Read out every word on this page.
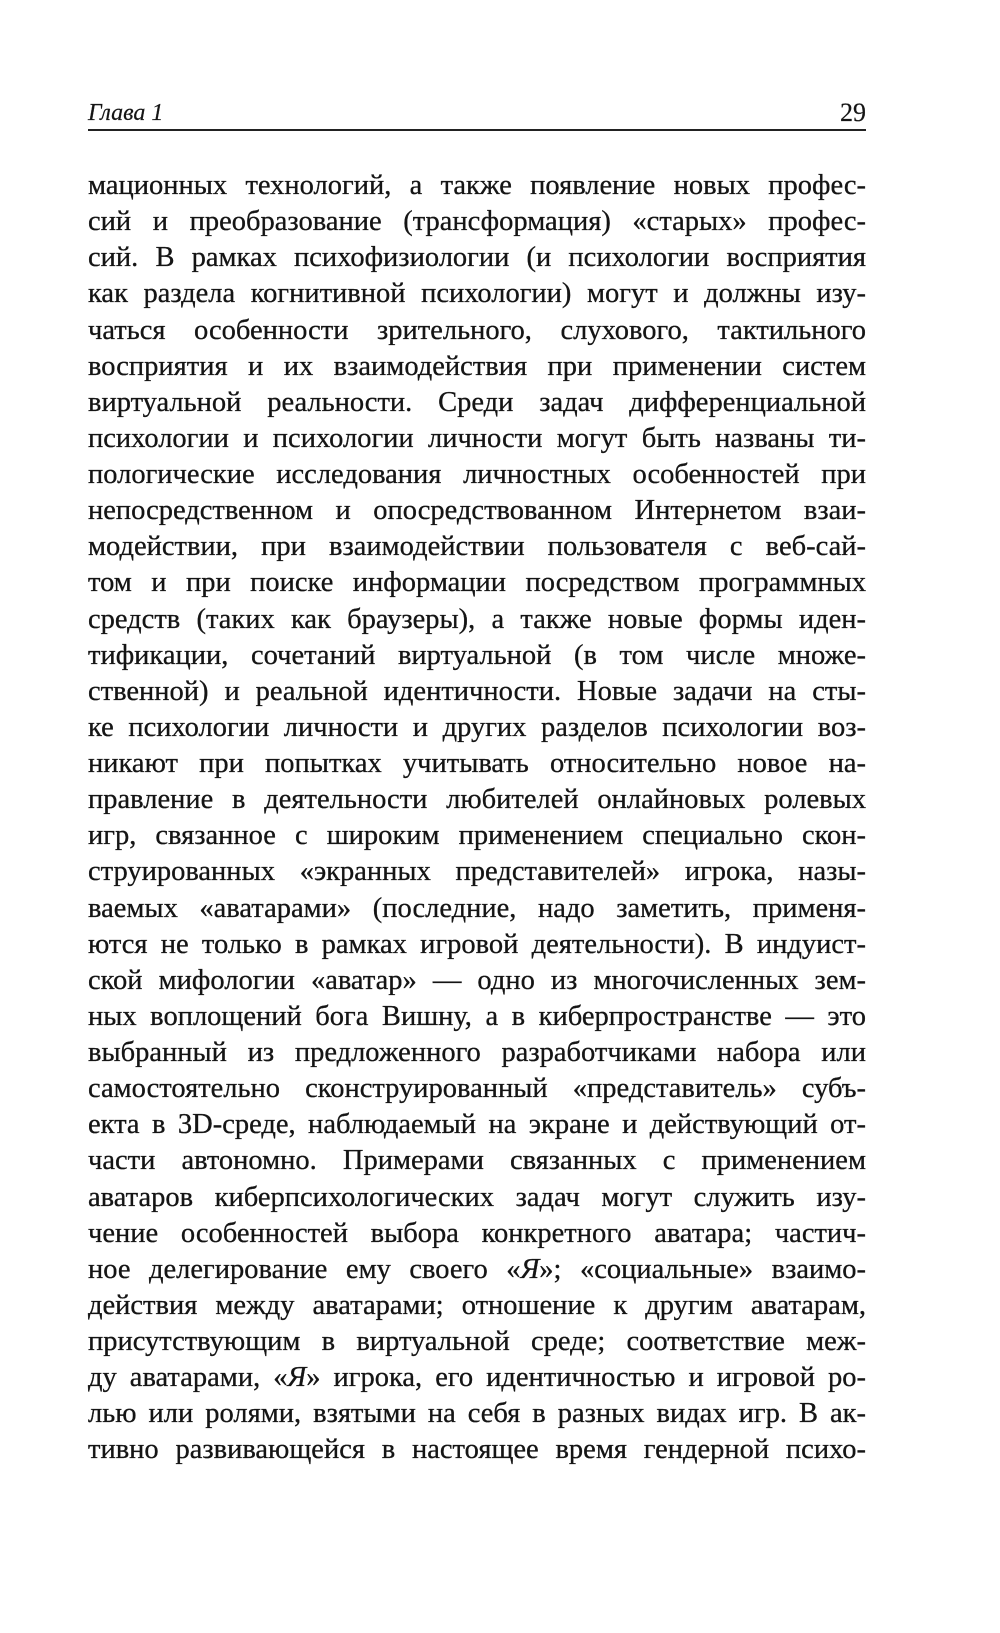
Глава 1	29
мационных технологий, а также появление новых профес-
сий и преобразование (трансформация) «старых» профес-
сий. В рамках психофизиологии (и психологии восприятия
как раздела когнитивной психологии) могут и должны изу-
чаться особенности зрительного, слухового, тактильного
восприятия и их взаимодействия при применении систем
виртуальной реальности. Среди задач дифференциальной
психологии и психологии личности могут быть названы ти-
пологические исследования личностных особенностей при
непосредственном и опосредствованном Интернетом взаи-
модействии, при взаимодействии пользователя с веб-сай-
том и при поиске информации посредством программных
средств (таких как браузеры), а также новые формы иден-
тификации, сочетаний виртуальной (в том числе множе-
ственной) и реальной идентичности. Новые задачи на сты-
ке психологии личности и других разделов психологии воз-
никают при попытках учитывать относительно новое на-
правление в деятельности любителей онлайновых ролевых
игр, связанное с широким применением специально скон-
струированных «экранных представителей» игрока, назы-
ваемых «аватарами» (последние, надо заметить, применя-
ются не только в рамках игровой деятельности). В индуист-
ской мифологии «аватар» — одно из многочисленных зем-
ных воплощений бога Вишну, а в киберпространстве — это
выбранный из предложенного разработчиками набора или
самостоятельно сконструированный «представитель» субъ-
екта в 3D-среде, наблюдаемый на экране и действующий от-
части автономно. Примерами связанных с применением
аватаров киберпсихологических задач могут служить изу-
чение особенностей выбора конкретного аватара; частич-
ное делегирование ему своего «Я»; «социальные» взаимо-
действия между аватарами; отношение к другим аватарам,
присутствующим в виртуальной среде; соответствие меж-
ду аватарами, «Я» игрока, его идентичностью и игровой ро-
лью или ролями, взятыми на себя в разных видах игр. В ак-
тивно развивающейся в настоящее время гендерной психо-
